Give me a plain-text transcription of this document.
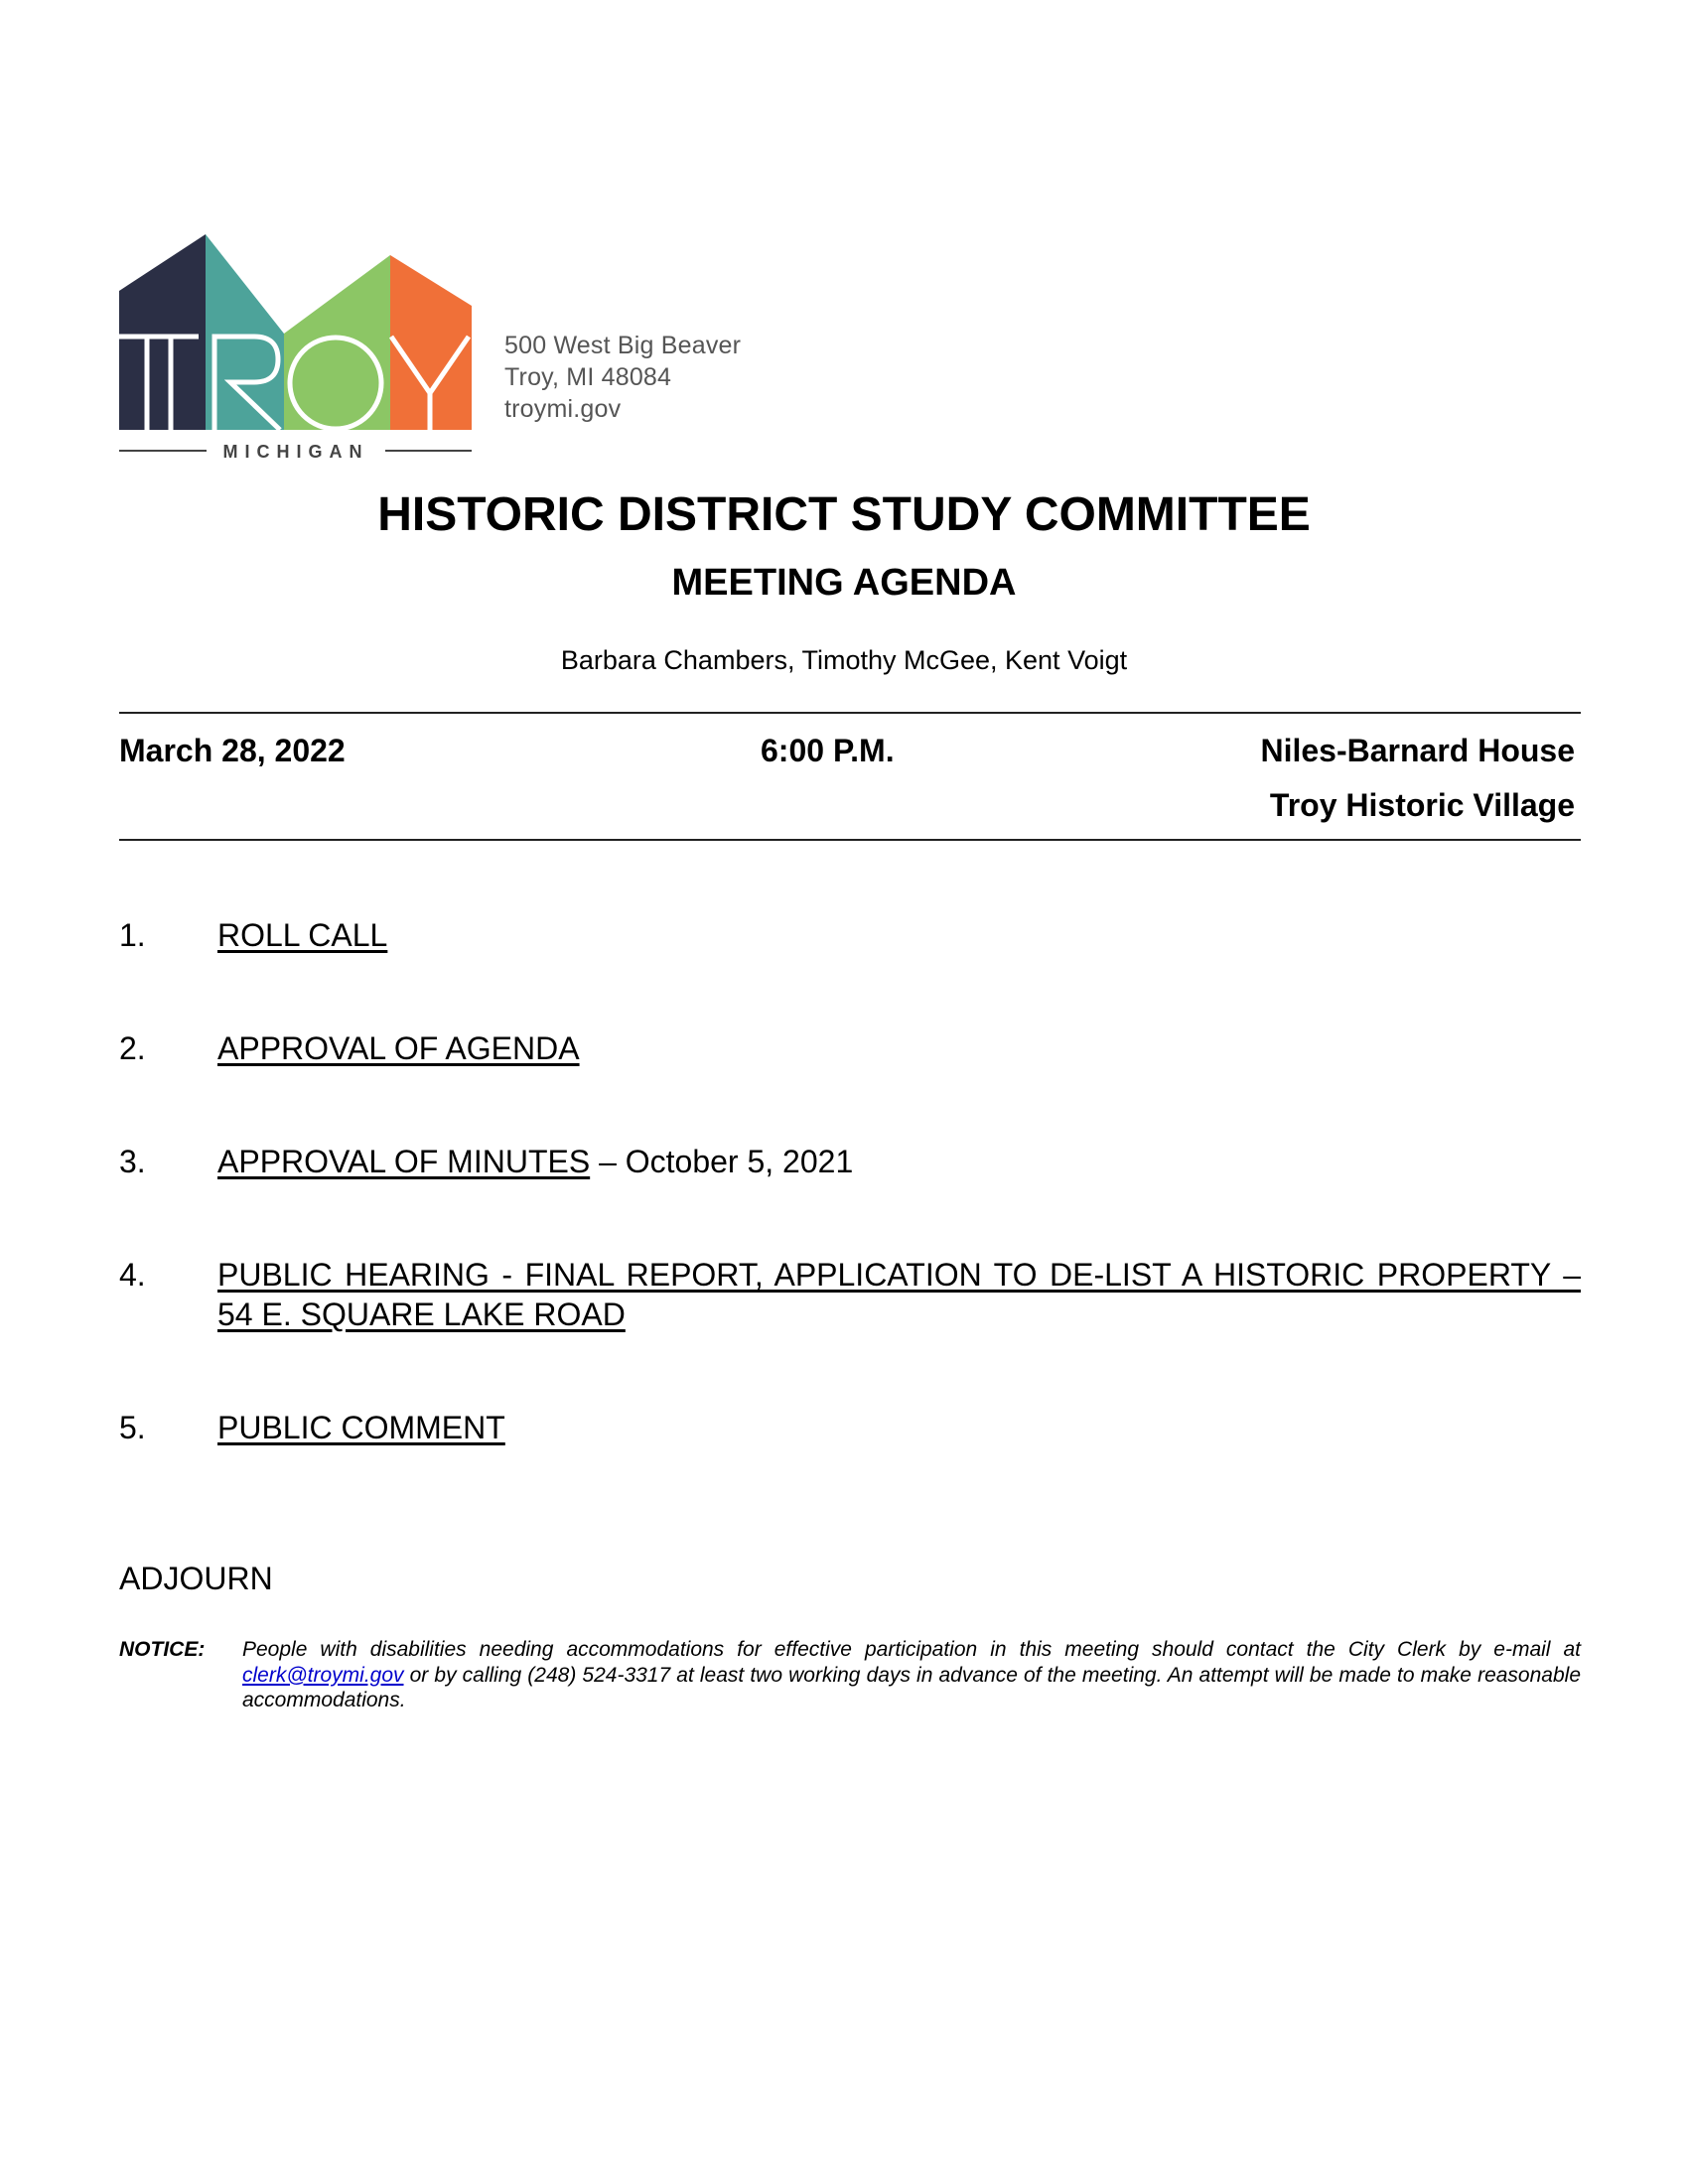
TROY
MICHIGAN
500 West Big Beaver
Troy, MI 48084
troymi.gov
HISTORIC DISTRICT STUDY COMMITTEE
MEETING AGENDA
Barbara Chambers, Timothy McGee, Kent Voigt
March 28, 2022	6:00 P.M.	Niles-Barnard House
Troy Historic Village
1. ROLL CALL
2. APPROVAL OF AGENDA
3. APPROVAL OF MINUTES – October 5, 2021
4. PUBLIC HEARING - FINAL REPORT, APPLICATION TO DE-LIST A HISTORIC PROPERTY – 54 E. SQUARE LAKE ROAD
5. PUBLIC COMMENT
ADJOURN
NOTICE: People with disabilities needing accommodations for effective participation in this meeting should contact the City Clerk by e-mail at clerk@troymi.gov or by calling (248) 524-3317 at least two working days in advance of the meeting. An attempt will be made to make reasonable accommodations.
